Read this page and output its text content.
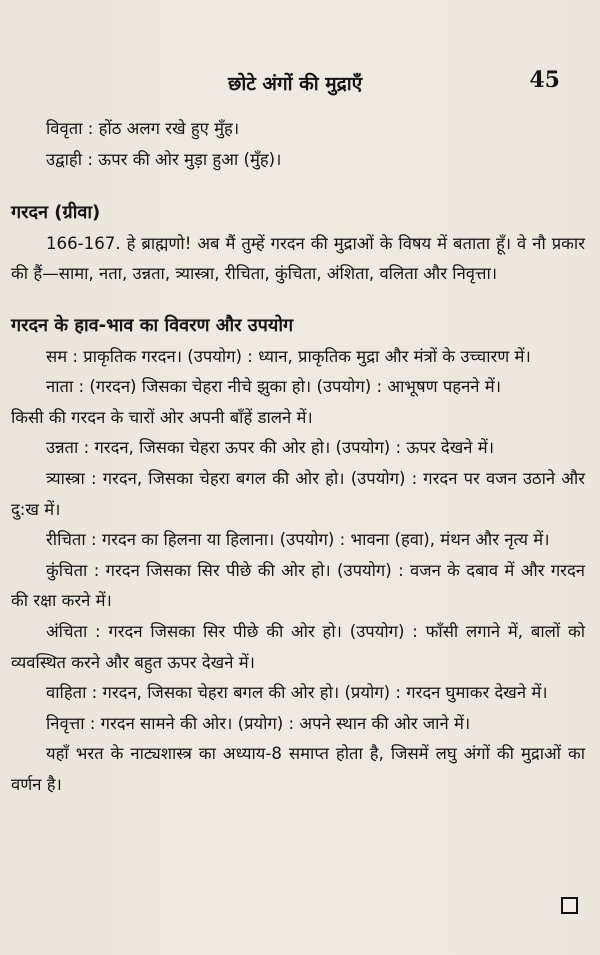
छोटे अंगों की मुद्राएँ	45

विवृता : होंठ अलग रखे हुए मुँह।

उद्वाही : ऊपर की ओर मुड़ा हुआ (मुँह)।

गरदन (ग्रीवा)

166-167. हे ब्राह्मणो! अब मैं तुम्हें गरदन की मुद्राओं के विषय में बताता हूँ। वे नौ प्रकार की हैं—सामा, नता, उन्नता, त्र्यास्त्रा, रीचिता, कुंचिता, अंशिता, वलिता और निवृत्ता।

गरदन के हाव-भाव का विवरण और उपयोग

सम : प्राकृतिक गरदन। (उपयोग) : ध्यान, प्राकृतिक मुद्रा और मंत्रों के उच्चारण में।

नाता : (गरदन) जिसका चेहरा नीचे झुका हो। (उपयोग) : आभूषण पहनने में।

किसी की गरदन के चारों ओर अपनी बाँहें डालने में।

उन्नता : गरदन, जिसका चेहरा ऊपर की ओर हो। (उपयोग) : ऊपर देखने में।

त्र्यास्त्रा : गरदन, जिसका चेहरा बगल की ओर हो। (उपयोग) : गरदन पर वजन उठाने और दु:ख में।

रीचिता : गरदन का हिलना या हिलाना। (उपयोग) : भावना (हवा), मंथन और नृत्य में।

कुंचिता : गरदन जिसका सिर पीछे की ओर हो। (उपयोग) : वजन के दबाव में और गरदन की रक्षा करने में।

अंचिता : गरदन जिसका सिर पीछे की ओर हो। (उपयोग) : फाँसी लगाने में, बालों को व्यवस्थित करने और बहुत ऊपर देखने में।

वाहिता : गरदन, जिसका चेहरा बगल की ओर हो। (प्रयोग) : गरदन घुमाकर देखने में।

निवृत्ता : गरदन सामने की ओर। (प्रयोग) : अपने स्थान की ओर जाने में।

यहाँ भरत के नाट्यशास्त्र का अध्याय-8 समाप्त होता है, जिसमें लघु अंगों की मुद्राओं का वर्णन है।
